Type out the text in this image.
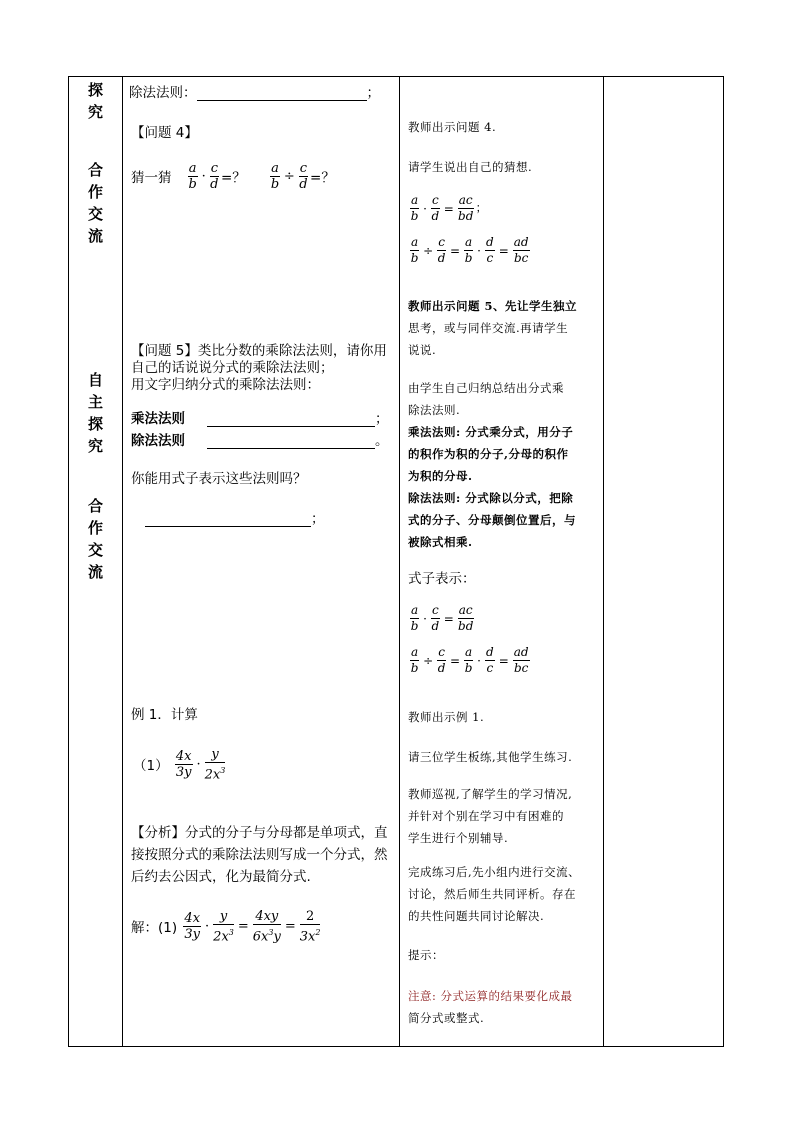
探
究
合
作
交
流
自
主
探
究
合
作
交
流

除法法则：	；
【问题 4】
猜一猜 $\frac{a}{b} \cdot \frac{c}{d}$ =？ $\frac{a}{b} \div \frac{c}{d}$ =？
【问题 5】类比分数的乘除法法则，请你用
自己的话说说分式的乘除法法则；
用文字归纳分式的乘除法法则：
乘法法则	；
除法法则	。
你能用式子表示这些法则吗？
；
例 1．计算
$(1) \frac{4x}{3y} \cdot \frac{y}{2x^3}$
【分析】分式的分子与分母都是单项式，直
接按照分式的乘除法法则写成一个分式，然
后约去公因式，化为最简分式.
解：$(1) \frac{4x}{3y} \cdot \frac{y}{2x^3} = \frac{4xy}{6x^3y} = \frac{2}{3x^2}$

教师出示问题 4.
请学生说出自己的猜想.
$\frac{a}{b} \cdot \frac{c}{d} = \frac{ac}{bd}$ ；
$\frac{a}{b} \div \frac{c}{d} = \frac{a}{b} \cdot \frac{d}{c} = \frac{ad}{bc}$
教师出示问题 5、先让学生独立
思考，或与同伴交流.再请学生
说说.
由学生自己归纳总结出分式乘
除法法则.
乘法法则: 分式乘分式，用分子
的积作为积的分子,分母的积作
为积的分母.
除法法则: 分式除以分式，把除
式的分子、分母颠倒位置后，与
被除式相乘.
式子表示：
$\frac{a}{b} \cdot \frac{c}{d} = \frac{ac}{bd}$
$\frac{a}{b} \div \frac{c}{d} = \frac{a}{b} \cdot \frac{d}{c} = \frac{ad}{bc}$
教师出示例 1.
请三位学生板练,其他学生练习.
教师巡视,了解学生的学习情况,
并针对个别在学习中有困难的
学生进行个别辅导.
完成练习后,先小组内进行交流、
讨论，然后师生共同评析。存在
的共性问题共同讨论解决.
提示：
注意: 分式运算的结果要化成最
简分式或整式.
